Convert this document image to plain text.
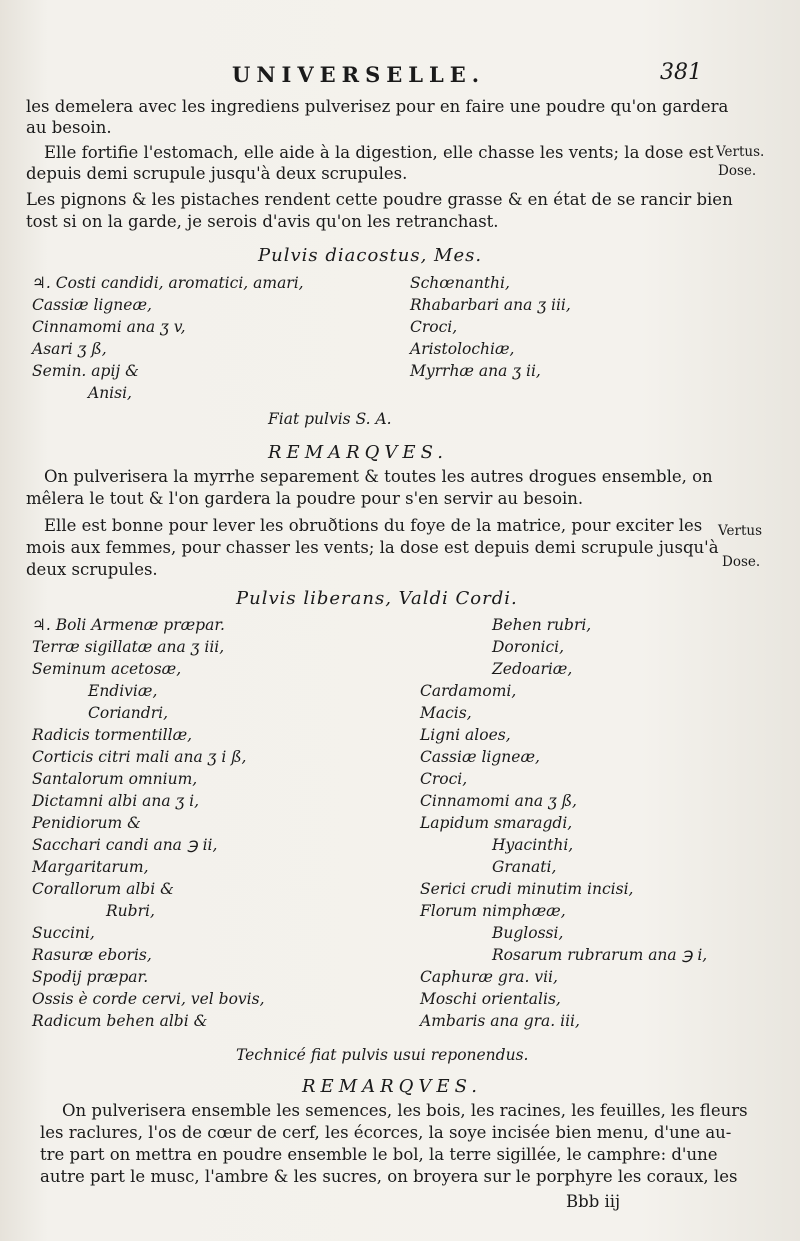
UNIVERSELLE.	381
les demelera avec les ingrediens pulverisez pour en faire une poudre qu'on gardera
au besoin.
Elle fortifie l'estomach, elle aide à la digestion, elle chasse les vents; la dose est
depuis demi scrupule jusqu'à deux scrupules.
Vertus.
Dose.
Les pignons & les pistaches rendent cette poudre grasse & en état de se rancir bien
tost si on la garde, je serois d'avis qu'on les retranchast.
Pulvis diacostus, Mes.
♃. Costi candidi, aromatici, amari,
Cassiæ ligneæ,
Cinnamomi ana ʒ v,
Asari ʒ ß,
Semin. apij &
Anisi,
Schœnanthi,
Rhabarbari ana ʒ iii,
Croci,
Aristolochiæ,
Myrrhæ ana ʒ ii,
Fiat pulvis S. A.
REMARQVES.
On pulverisera la myrrhe separement & toutes les autres drogues ensemble, on
mêlera le tout & l'on gardera la poudre pour s'en servir au besoin.
Elle est bonne pour lever les obruðtions du foye de la matrice, pour exciter les
mois aux femmes, pour chasser les vents; la dose est depuis demi scrupule jusqu'à
deux scrupules.
Vertus
Dose.
Pulvis liberans, Valdi Cordi.
♃. Boli Armenæ præpar.
Terræ sigillatæ ana ʒ iii,
Seminum acetosæ,
Endiviæ,
Coriandri,
Radicis tormentillæ,
Corticis citri mali ana ʒ i ß,
Santalorum omnium,
Dictamni albi ana ʒ i,
Penidiorum &
Sacchari candi ana ℈ ii,
Margaritarum,
Corallorum albi &
Rubri,
Succini,
Rasuræ eboris,
Spodij præpar.
Ossis è corde cervi, vel bovis,
Radicum behen albi &
Behen rubri,
Doronici,
Zedoariæ,
Cardamomi,
Macis,
Ligni aloes,
Cassiæ ligneæ,
Croci,
Cinnamomi ana ʒ ß,
Lapidum smaragdi,
Hyacinthi,
Granati,
Serici crudi minutim incisi,
Florum nimphææ,
Buglossi,
Rosarum rubrarum ana ℈ i,
Caphuræ gra. vii,
Moschi orientalis,
Ambaris ana gra. iii,
Technicé fiat pulvis usui reponendus.
REMARQVES.
On pulverisera ensemble les semences, les bois, les racines, les feuilles, les fleurs
les raclures, l'os de cœur de cerf, les écorces, la soye incisée bien menu, d'une au-
tre part on mettra en poudre ensemble le bol, la terre sigillée, le camphre: d'une
autre part le musc, l'ambre & les sucres, on broyera sur le porphyre les coraux, les
Bbb iij
